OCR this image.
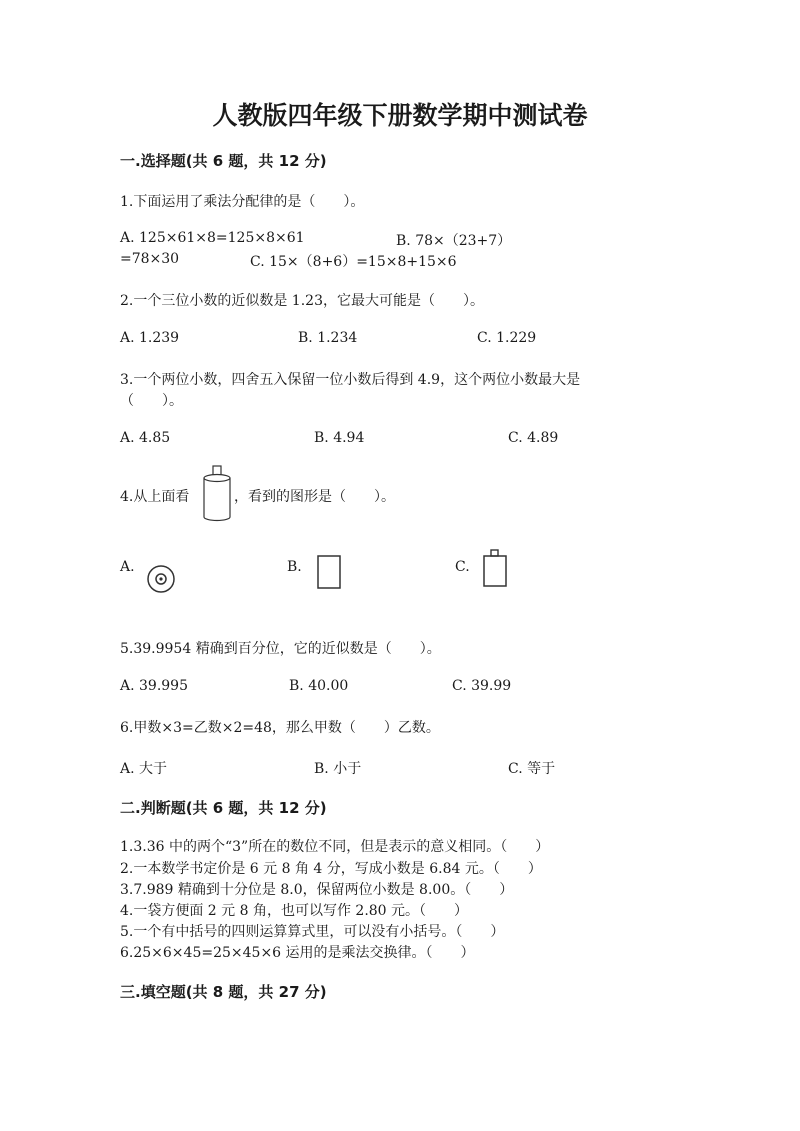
人教版四年级下册数学期中测试卷
一.选择题(共 6 题，共 12 分)
1.下面运用了乘法分配律的是（　　）。
A. 125×61×8=125×8×61	B. 78×（23+7）
=78×30	C. 15×（8+6）=15×8+15×6
2.一个三位小数的近似数是 1.23，它最大可能是（　　）。
A. 1.239	B. 1.234	C. 1.229
3.一个两位小数，四舍五入保留一位小数后得到 4.9，这个两位小数最大是
（　　）。
A. 4.85	B. 4.94	C. 4.89
4.从上面看	，看到的图形是（　　）。
A.	B.	C.
5.39.9954 精确到百分位，它的近似数是（　　）。
A. 39.995	B. 40.00	C. 39.99
6.甲数×3=乙数×2=48，那么甲数（　　）乙数。
A. 大于	B. 小于	C. 等于
二.判断题(共 6 题，共 12 分)
1.3.36 中的两个“3”所在的数位不同，但是表示的意义相同。（　　）
2.一本数学书定价是 6 元 8 角 4 分，写成小数是 6.84 元。（　　）
3.7.989 精确到十分位是 8.0，保留两位小数是 8.00。（　　）
4.一袋方便面 2 元 8 角，也可以写作 2.80 元。（　　）
5.一个有中括号的四则运算算式里，可以没有小括号。（　　）
6.25×6×45=25×45×6 运用的是乘法交换律。（　　）
三.填空题(共 8 题，共 27 分)
